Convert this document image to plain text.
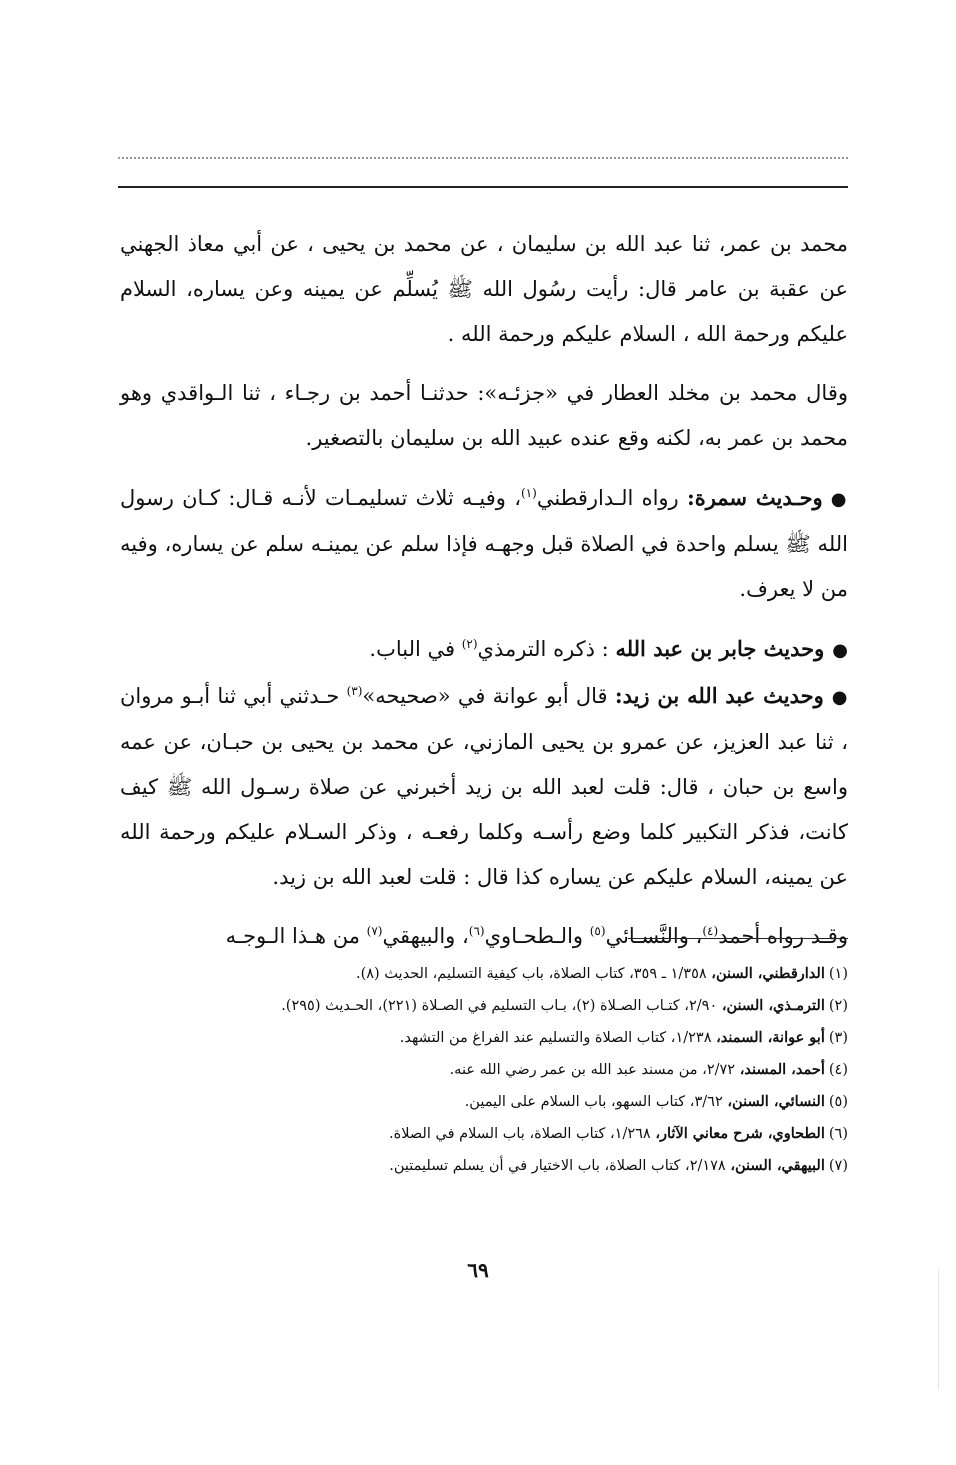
محمد بن عمر، ثنا عبد الله بن سليمان ، عن محمد بن يحيى ، عن أبي معاذ الجهني عن عقبة بن عامر قال: رأيت رسُول الله ﷺ يُسلِّم عن يمينه وعن يساره، السلام عليكم ورحمة الله ، السلام عليكم ورحمة الله .

وقال محمد بن مخلد العطار في «جزئـه»: حدثنـا أحمد بن رجـاء ، ثنا الـواقدي وهو محمد بن عمر به، لكنه وقع عنده عبيد الله بن سليمان بالتصغير.

●وحـديث سمرة: رواه الـدارقطني$^{(١)}$، وفيـه ثلاث تسليمـات لأنـه قـال: كـان رسول الله ﷺ يسلم واحدة في الصلاة قبل وجهـه فإذا سلم عن يمينـه سلم عن يساره، وفيه من لا يعرف.

●وحديث جابر بن عبد الله : ذكره الترمذي$^{(٢)}$ في الباب.

●وحديث عبد الله بن زيد: قال أبو عوانة في «صحيحه»$^{(٣)}$ حـدثني أبي ثنا أبـو مروان ، ثنا عبد العزيز، عن عمرو بن يحيى المازني، عن محمد بن يحيى بن حبـان، عن عمه واسع بن حبان ، قال: قلت لعبد الله بن زيد أخبرني عن صلاة رسـول الله ﷺ كيف كانت، فذكر التكبير كلما وضع رأسـه وكلما رفعـه ، وذكر السـلام عليكم ورحمة الله عن يمينه، السلام عليكم عن يساره كذا قال : قلت لعبد الله بن زيد.

وقـد رواه أحمد$^{(٤)}$، والنَّسـائي$^{(٥)}$ والـطحـاوي$^{(٦)}$، والبيهقي$^{(٧)}$ من هـذا الـوجـه

(١)الدارقطني، السنن، ١/٣٥٨ ـ ٣٥٩، كتاب الصلاة، باب كيفية التسليم، الحديث (٨).

(٢)الترمـذي، السنن، ٢/٩٠، كتـاب الصـلاة (٢)، بـاب التسليم في الصـلاة (٢٢١)، الحـديث (٢٩٥).

(٣)أبو عوانة، السمند، ١/٢٣٨، كتاب الصلاة والتسليم عند الفراغ من التشهد.

(٤)أحمد، المسند، ٢/٧٢، من مسند عبد الله بن عمر رضي الله عنه.

(٥)النسائي، السنن، ٣/٦٢، كتاب السهو، باب السلام على اليمين.

(٦)الطحاوي، شرح معاني الآثار، ١/٢٦٨، كتاب الصلاة، باب السلام في الصلاة.

(٧)البيهقي، السنن، ٢/١٧٨، كتاب الصلاة، باب الاختيار في أن يسلم تسليمتين.

٦٩
